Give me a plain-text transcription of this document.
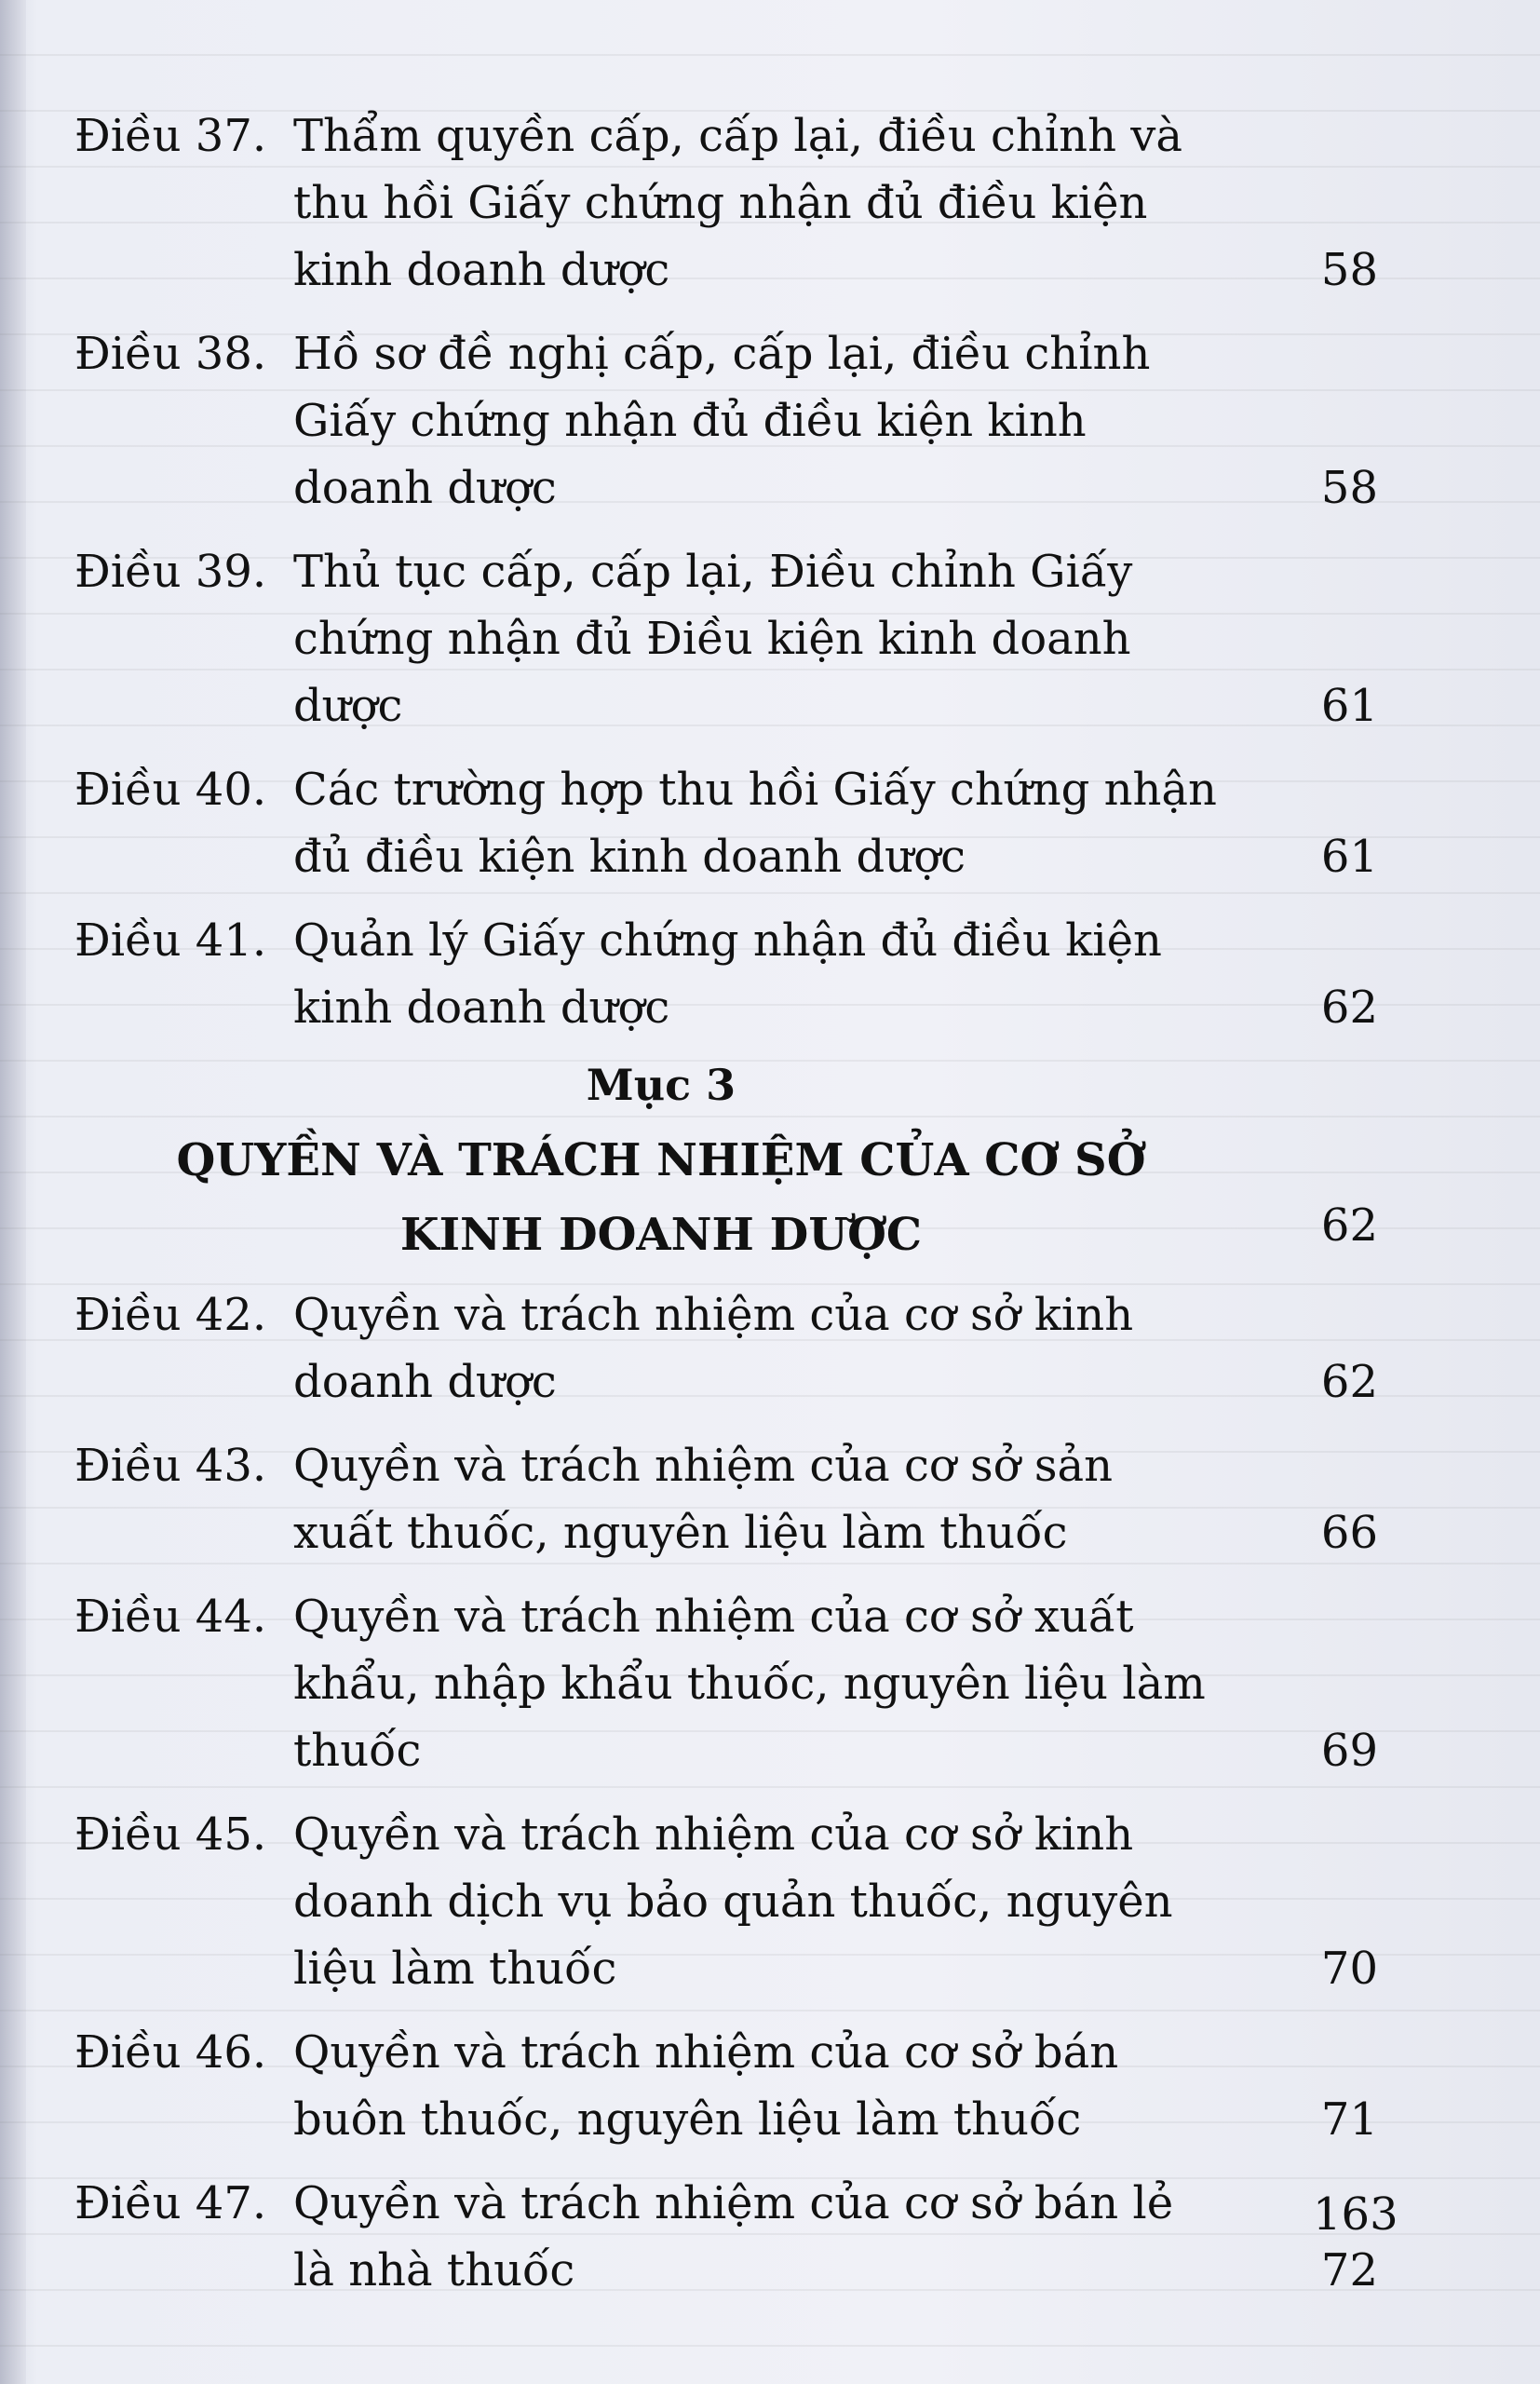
Điều 37. Thẩm quyền cấp, cấp lại, điều chỉnh và thu hồi Giấy chứng nhận đủ điều kiện kinh doanh dược	58
Điều 38. Hồ sơ đề nghị cấp, cấp lại, điều chỉnh Giấy chứng nhận đủ điều kiện kinh doanh dược	58
Điều 39. Thủ tục cấp, cấp lại, Điều chỉnh Giấy chứng nhận đủ Điều kiện kinh doanh dược	61
Điều 40. Các trường hợp thu hồi Giấy chứng nhận đủ điều kiện kinh doanh dược	61
Điều 41. Quản lý Giấy chứng nhận đủ điều kiện kinh doanh dược	62
Mục 3
QUYỀN VÀ TRÁCH NHIỆM CỦA CƠ SỞ
KINH DOANH DƯỢC	62
Điều 42. Quyền và trách nhiệm của cơ sở kinh doanh dược	62
Điều 43. Quyền và trách nhiệm của cơ sở sản xuất thuốc, nguyên liệu làm thuốc	66
Điều 44. Quyền và trách nhiệm của cơ sở xuất khẩu, nhập khẩu thuốc, nguyên liệu làm thuốc	69
Điều 45. Quyền và trách nhiệm của cơ sở kinh doanh dịch vụ bảo quản thuốc, nguyên liệu làm thuốc	70
Điều 46. Quyền và trách nhiệm của cơ sở bán buôn thuốc, nguyên liệu làm thuốc	71
Điều 47. Quyền và trách nhiệm của cơ sở bán lẻ là nhà thuốc	72
163
